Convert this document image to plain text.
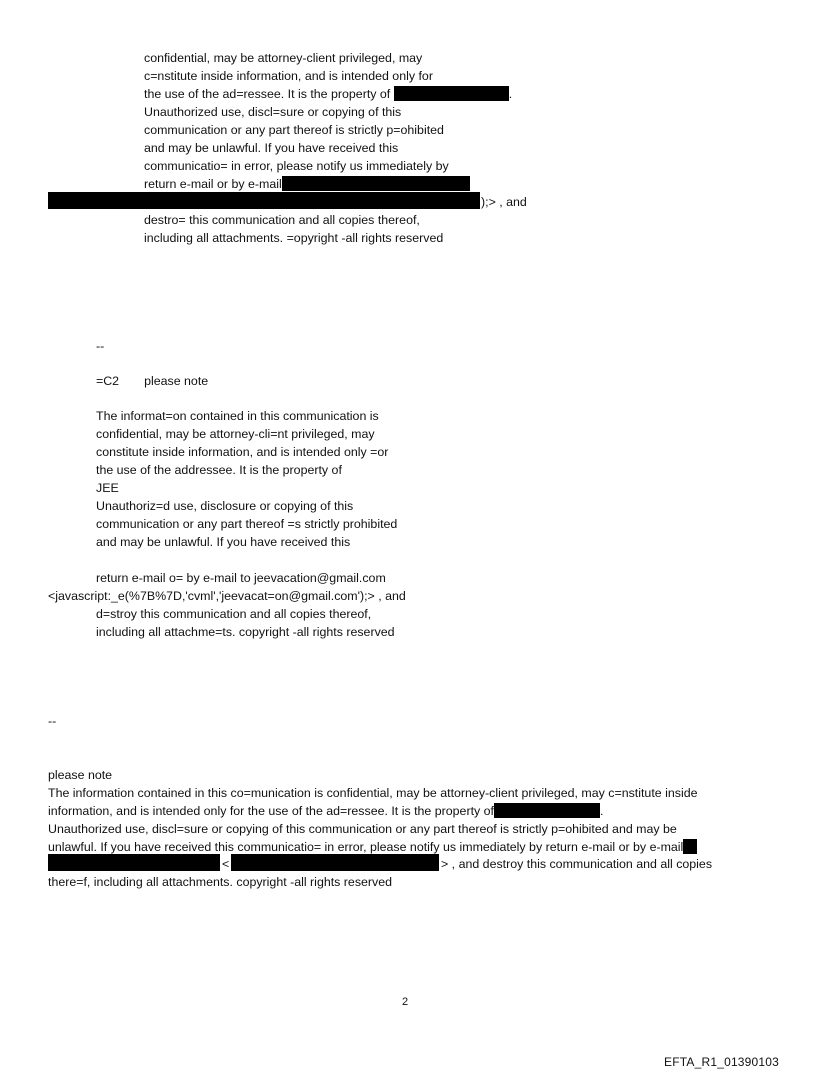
confidential, may be attorney-client privileged, may
c=nstitute inside information, and is intended only for
the use of the ad=ressee. It is the property of	.
Unauthorized use, discl=sure or copying of this
communication or any part thereof is strictly p=ohibited
and may be unlawful. If you have received this
communicatio= in error, please notify us immediately by
return e-mail or by e-mail
);> , and
destro= this communication and all copies thereof,
including all attachments. =opyright -all rights reserved
--
=C2 please note
The informat=on contained in this communication is
confidential, may be attorney-cli=nt privileged, may
constitute inside information, and is intended only =or
the use of the addressee. It is the property of
JEE
Unauthoriz=d use, disclosure or copying of this
communication or any part thereof =s strictly prohibited
and may be unlawful. If you have received this
return e-mail o= by e-mail to jeevacation@gmail.com
<javascript:_e(%7B%7D,'cvml','jeevacat=on@gmail.com');> , and
d=stroy this communication and all copies thereof,
including all attachme=ts. copyright -all rights reserved
--
please note
The information contained in this co=munication is confidential, may be attorney-client privileged, may c=nstitute inside
information, and is intended only for the use of the ad=ressee. It is the property of	.
Unauthorized use, discl=sure or copying of this communication or any part thereof is strictly p=ohibited and may be
unlawful. If you have received this communicatio= in error, please notify us immediately by return e-mail or by e-mail
<	> , and destroy this communication and all copies
there=f, including all attachments. copyright -all rights reserved
2
EFTA_R1_01390103
